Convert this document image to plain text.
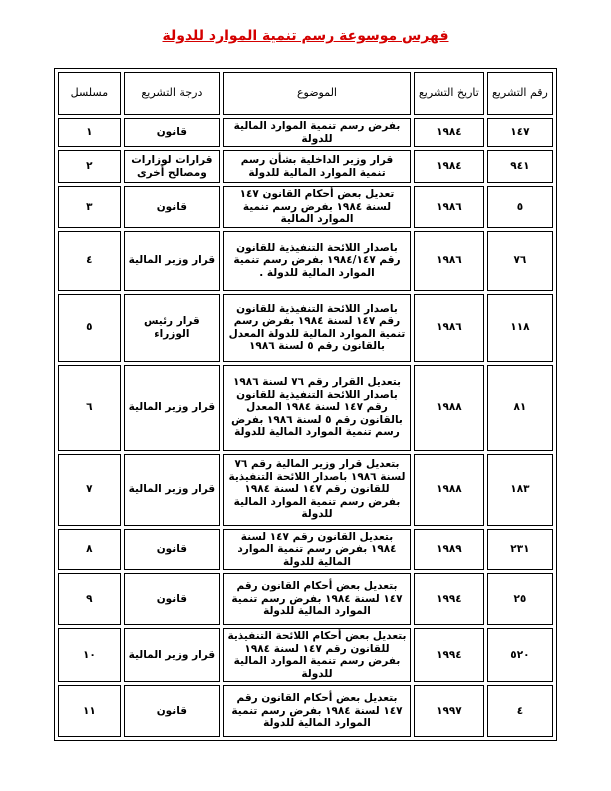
فهرس موسوعة رسم تنمية الموارد للدولة
رقم التشريع	تاريخ التشريع	الموضوع	درجة التشريع	مسلسل
١٤٧	١٩٨٤	بفرض رسم تنمية الموارد المالية للدولة	قانون	١
٩٤١	١٩٨٤	قرار وزير الداخلية بشأن رسم تنمية الموارد المالية للدولة	قرارات لوزارات ومصالح أخرى	٢
٥	١٩٨٦	تعديل بعض أحكام القانون ١٤٧ لسنة ١٩٨٤ بفرض رسم تنمية الموارد المالية	قانون	٣
٧٦	١٩٨٦	باصدار اللائحة التنفيذية للقانون رقم ١٩٨٤/١٤٧ بفرض رسم تنمية الموارد المالية للدولة .	قرار وزير المالية	٤
١١٨	١٩٨٦	باصدار اللائحة التنفيذية للقانون رقم ١٤٧ لسنة ١٩٨٤ بفرض رسم تنمية الموارد المالية للدولة المعدل بالقانون رقم ٥ لسنة ١٩٨٦	قرار رئيس الوزراء	٥
٨١	١٩٨٨	بتعديل القرار رقم ٧٦ لسنة ١٩٨٦ باصدار اللائحة التنفيذية للقانون رقم ١٤٧ لسنة ١٩٨٤ المعدل بالقانون رقم ٥ لسنة ١٩٨٦ بفرض رسم تنمية الموارد المالية للدولة	قرار وزير المالية	٦
١٨٣	١٩٨٨	بتعديل قرار وزير المالية رقم ٧٦ لسنة ١٩٨٦ باصدار اللائحة التنفيذية للقانون رقم ١٤٧ لسنة ١٩٨٤ بفرض رسم تنمية الموارد المالية للدولة	قرار وزير المالية	٧
٢٣١	١٩٨٩	بتعديل القانون رقم ١٤٧ لسنة ١٩٨٤ بفرض رسم تنمية الموارد المالية للدولة	قانون	٨
٢٥	١٩٩٤	بتعديل بعض أحكام القانون رقم ١٤٧ لسنة ١٩٨٤ بفرض رسم تنمية الموارد المالية للدولة	قانون	٩
٥٢٠	١٩٩٤	بتعديل بعض أحكام اللائحة التنفيذية للقانون رقم ١٤٧ لسنة ١٩٨٤ بفرض رسم تنمية الموارد المالية للدولة	قرار وزير المالية	١٠
٤	١٩٩٧	بتعديل بعض أحكام القانون رقم ١٤٧ لسنة ١٩٨٤ بفرض رسم تنمية الموارد المالية للدولة	قانون	١١
